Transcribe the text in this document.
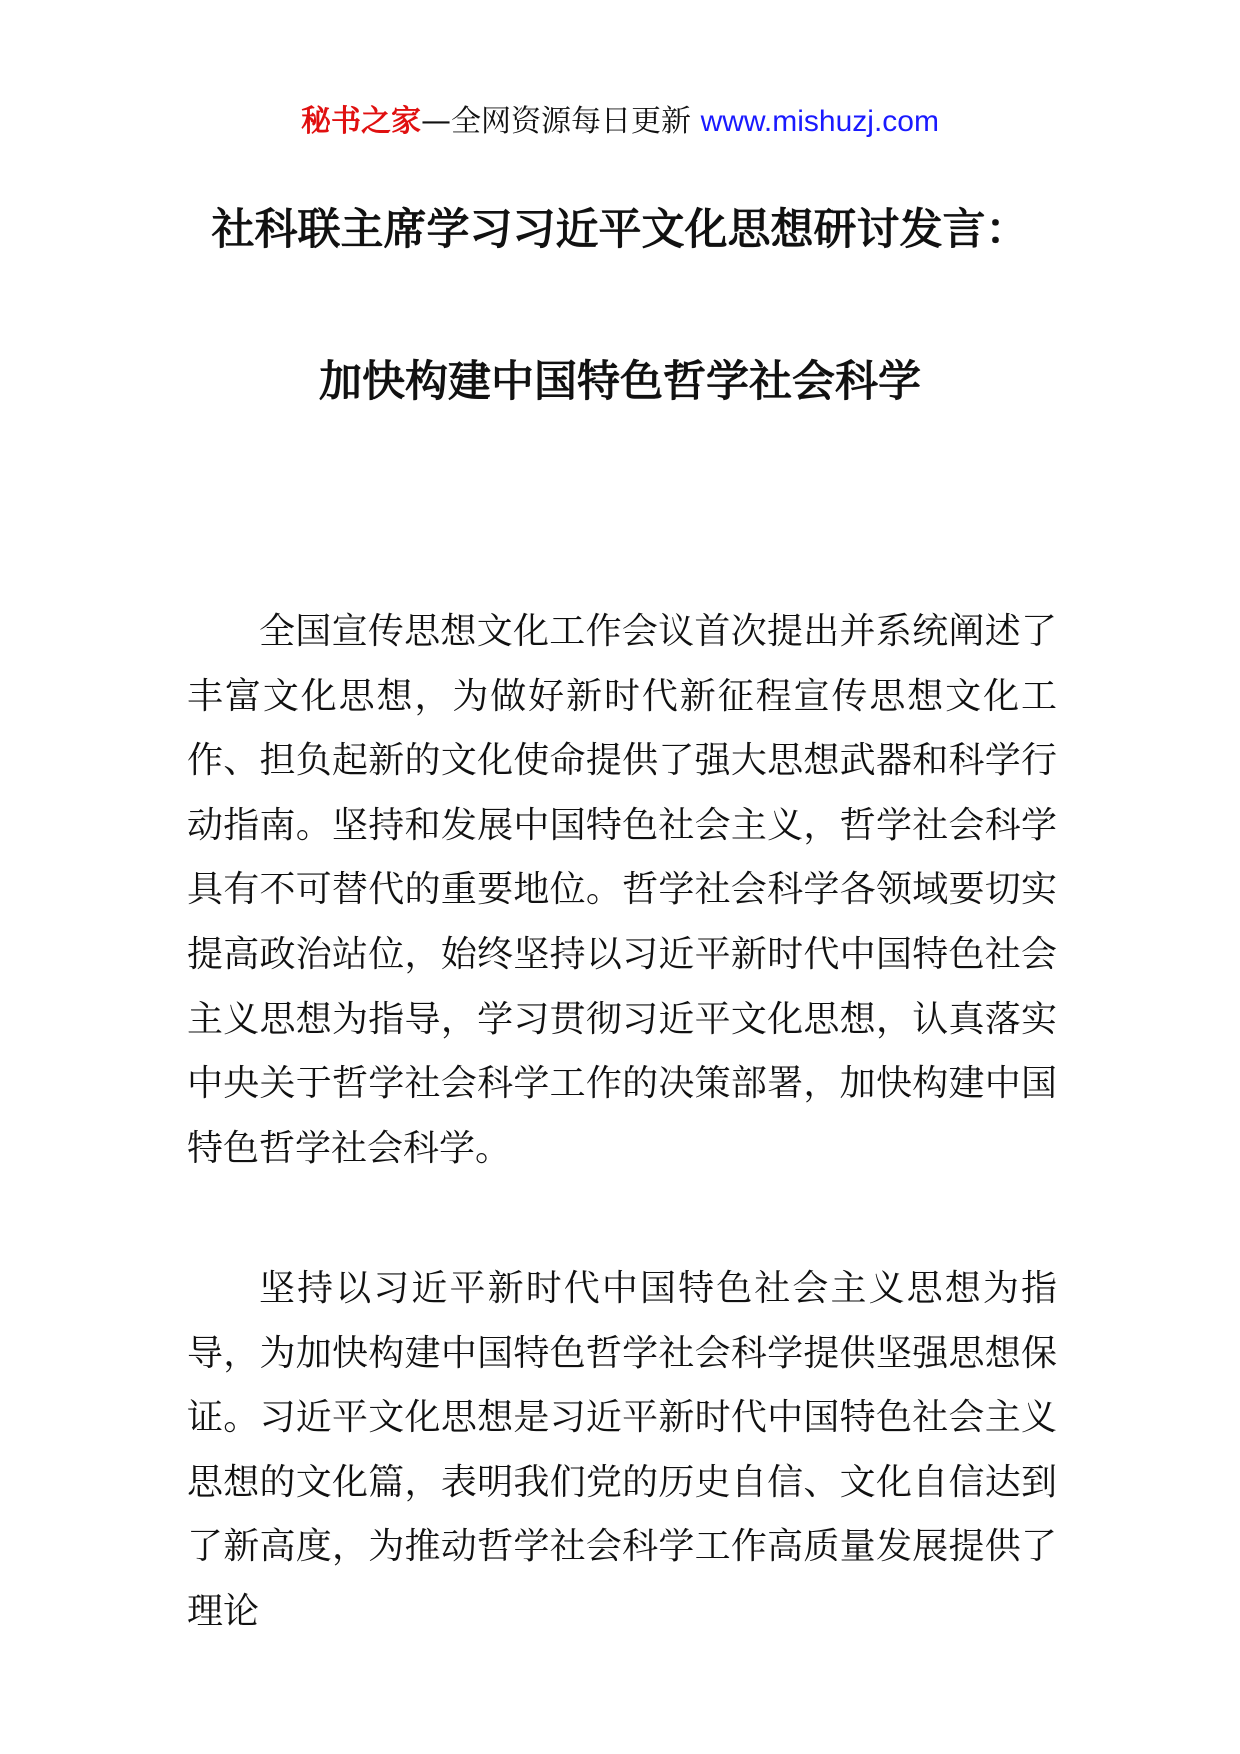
秘书之家—全网资源每日更新 www.mishuzj.com
社科联主席学习习近平文化思想研讨发言：
加快构建中国特色哲学社会科学

全国宣传思想文化工作会议首次提出并系统阐述了丰富文化思想，为做好新时代新征程宣传思想文化工作、担负起新的文化使命提供了强大思想武器和科学行动指南。坚持和发展中国特色社会主义，哲学社会科学具有不可替代的重要地位。哲学社会科学各领域要切实提高政治站位，始终坚持以习近平新时代中国特色社会主义思想为指导，学习贯彻习近平文化思想，认真落实中央关于哲学社会科学工作的决策部署，加快构建中国特色哲学社会科学。

坚持以习近平新时代中国特色社会主义思想为指导，为加快构建中国特色哲学社会科学提供坚强思想保证。习近平文化思想是习近平新时代中国特色社会主义思想的文化篇，表明我们党的历史自信、文化自信达到了新高度，为推动哲学社会科学工作高质量发展提供了理论
